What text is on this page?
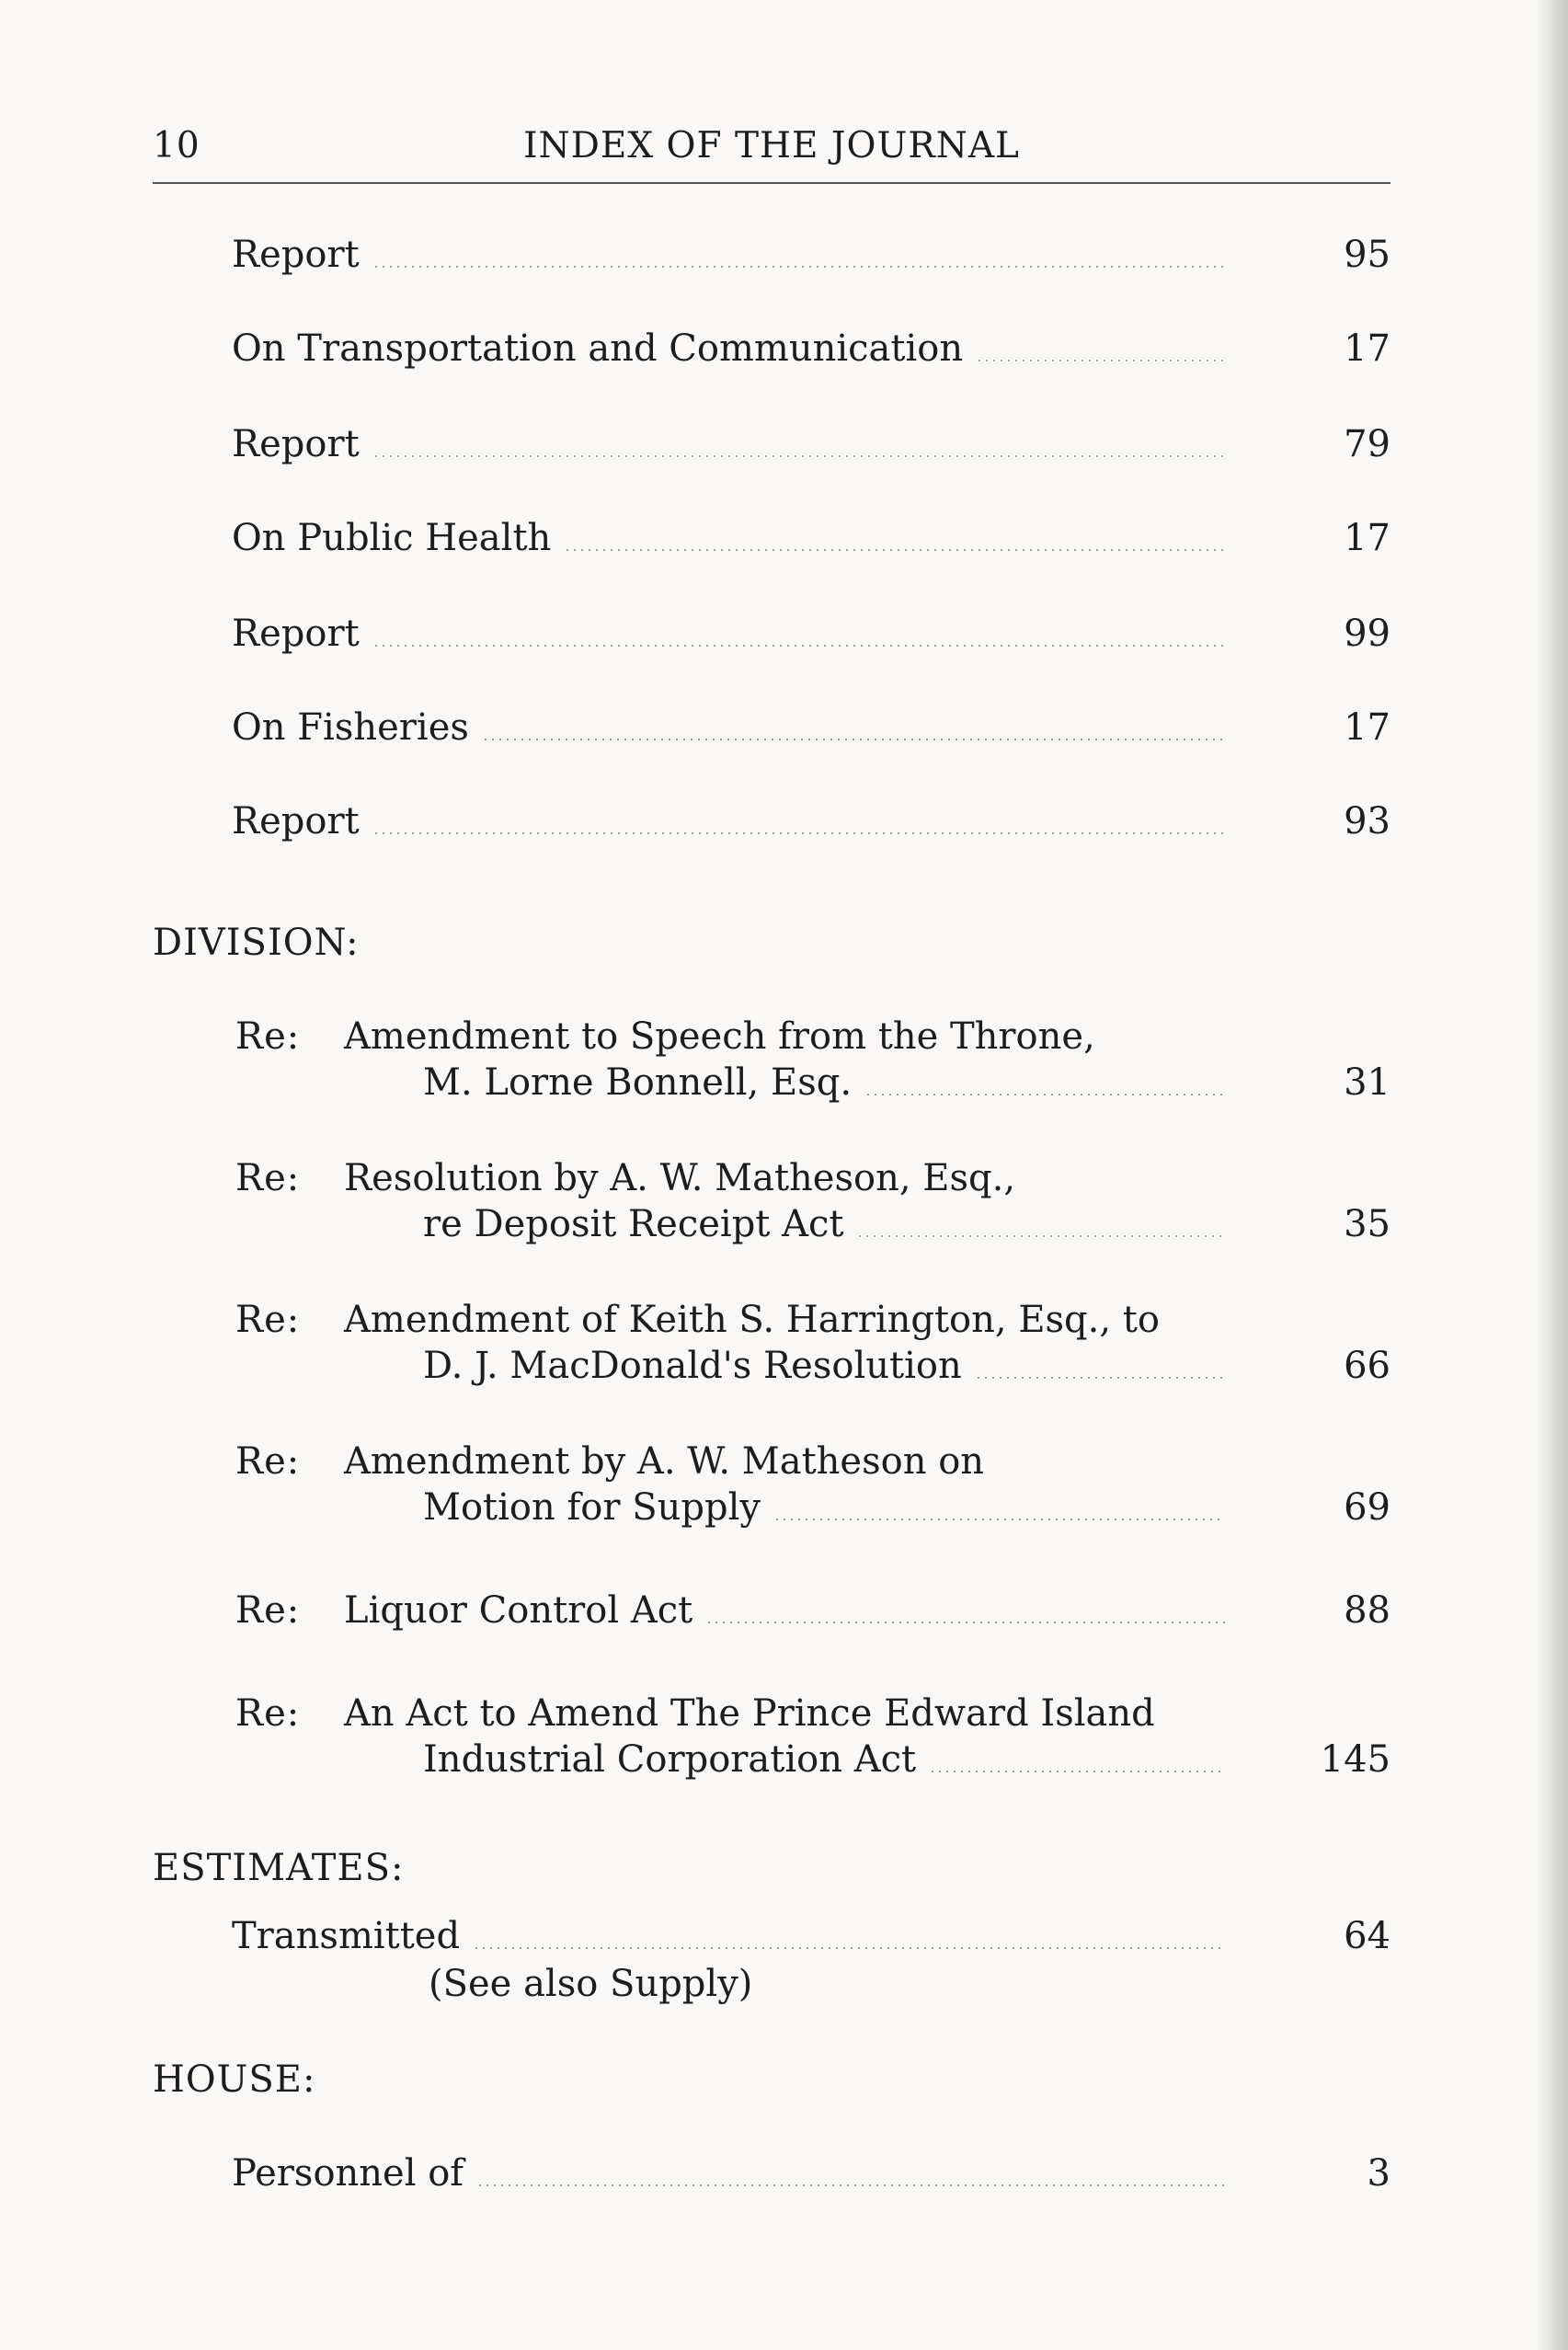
10	INDEX OF THE JOURNAL
Report	95
On Transportation and Communication	17
Report	79
On Public Health	17
Report	99
On Fisheries	17
Report	93
DIVISION:
Re: Amendment to Speech from the Throne,
M. Lorne Bonnell, Esq.	31
Re: Resolution by A. W. Matheson, Esq.,
re Deposit Receipt Act	35
Re: Amendment of Keith S. Harrington, Esq., to
D. J. MacDonald's Resolution	66
Re: Amendment by A. W. Matheson on
Motion for Supply	69
Re: Liquor Control Act	88
Re: An Act to Amend The Prince Edward Island
Industrial Corporation Act	145
ESTIMATES:
Transmitted	64
(See also Supply)
HOUSE:
Personnel of	3
